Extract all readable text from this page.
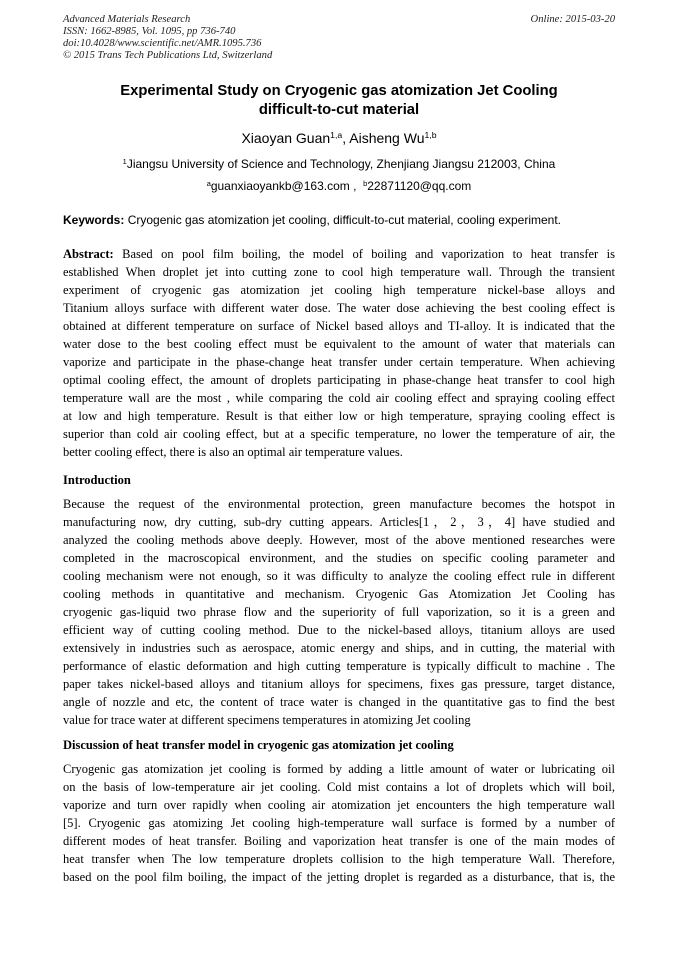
Advanced Materials Research
ISSN: 1662-8985, Vol. 1095, pp 736-740
doi:10.4028/www.scientific.net/AMR.1095.736
© 2015 Trans Tech Publications Ltd, Switzerland
Online: 2015-03-20
Experimental Study on Cryogenic gas atomization Jet Cooling
difficult-to-cut material
Xiaoyan Guan$^{1,a}$, Aisheng Wu$^{1,b}$
$^1$Jiangsu University of Science and Technology, Zhenjiang Jiangsu 212003, China
$^a$guanxiaoyankb@163.com ,  $^b$22871120@qq.com
Keywords: Cryogenic gas atomization jet cooling, difficult-to-cut material, cooling experiment.
Abstract: Based on pool film boiling, the model of boiling and vaporization to heat transfer is
established When droplet jet into cutting zone to cool high temperature wall. Through the transient
experiment of cryogenic gas atomization jet cooling high temperature nickel-base alloys and
Titanium alloys surface with different water dose. The water dose achieving the best cooling effect is
obtained at different temperature on surface of Nickel based alloys and TI-alloy. It is indicated that the
water dose to the best cooling effect must be equivalent to the amount of water that materials can
vaporize and participate in the phase-change heat transfer under certain temperature. When achieving
optimal cooling effect, the amount of droplets participating in phase-change heat transfer to cool high
temperature wall are the most , while comparing the cold air cooling effect and spraying cooling effect
at low and high temperature. Result is that either low or high temperature, spraying cooling effect is
superior than cold air cooling effect, but at a specific temperature, no lower the temperature of air, the
better cooling effect, there is also an optimal air temperature values.
Introduction
Because the request of the environmental protection, green manufacture becomes the hotspot in
manufacturing now, dry cutting, sub-dry cutting appears. Articles[1，2，3，4] have studied and
analyzed the cooling methods above deeply. However, most of the above mentioned researches were
completed in the macroscopical environment, and the studies on specific cooling parameter and
cooling mechanism were not enough, so it was difficulty to analyze the cooling effect rule in different
cooling methods in quantitative and mechanism. Cryogenic Gas Atomization Jet Cooling has
cryogenic gas-liquid two phrase flow and the superiority of full vaporization, so it is a green and
efficient way of cutting cooling method. Due to the nickel-based alloys, titanium alloys are used
extensively in industries such as aerospace, atomic energy and ships, and in cutting, the material with
performance of elastic deformation and high cutting temperature is typically difficult to machine . The
paper takes nickel-based alloys and titanium alloys for specimens, fixes gas pressure, target distance,
angle of nozzle and etc, the content of trace water is changed in the quantitative gas to find the best
value for trace water at different specimens temperatures in atomizing Jet cooling
Discussion of heat transfer model in cryogenic gas atomization jet cooling
Cryogenic gas atomization jet cooling is formed by adding a little amount of water or lubricating oil
on the basis of low-temperature air jet cooling. Cold mist contains a lot of droplets which will boil,
vaporize and turn over rapidly when cooling air atomization jet encounters the high temperature wall
[5]. Cryogenic gas atomizing Jet cooling high-temperature wall surface is formed by a number of
different modes of heat transfer. Boiling and vaporization heat transfer is one of the main modes of
heat transfer when The low temperature droplets collision to the high temperature Wall. Therefore,
based on the pool film boiling, the impact of the jetting droplet is regarded as a disturbance, that is, the
